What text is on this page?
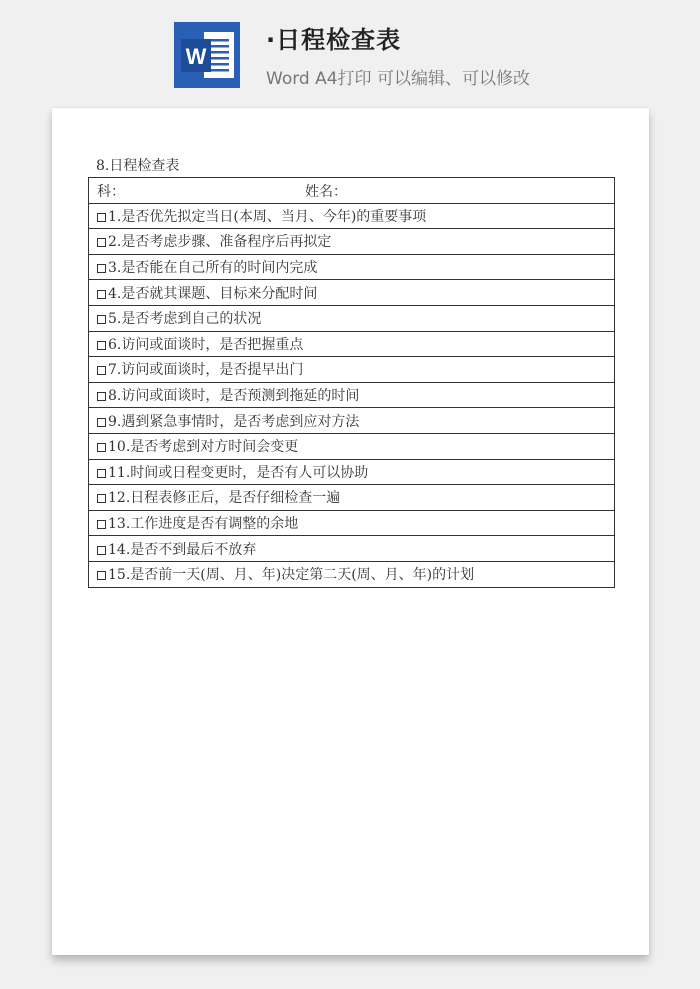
W
·日程检查表
Word A4打印 可以编辑、可以修改
8.日程检查表
科：	姓名：

1.是否优先拟定当日(本周、当月、今年)的重要事项
2.是否考虑步骤、准备程序后再拟定
3.是否能在自己所有的时间内完成
4.是否就其课题、目标来分配时间
5.是否考虑到自己的状况
6.访问或面谈时，是否把握重点
7.访问或面谈时，是否提早出门
8.访问或面谈时，是否预测到拖延的时间
9.遇到紧急事情时，是否考虑到应对方法
10.是否考虑到对方时间会变更
11.时间或日程变更时，是否有人可以协助
12.日程表修正后，是否仔细检查一遍
13.工作进度是否有调整的余地
14.是否不到最后不放弃
15.是否前一天(周、月、年)决定第二天(周、月、年)的计划
